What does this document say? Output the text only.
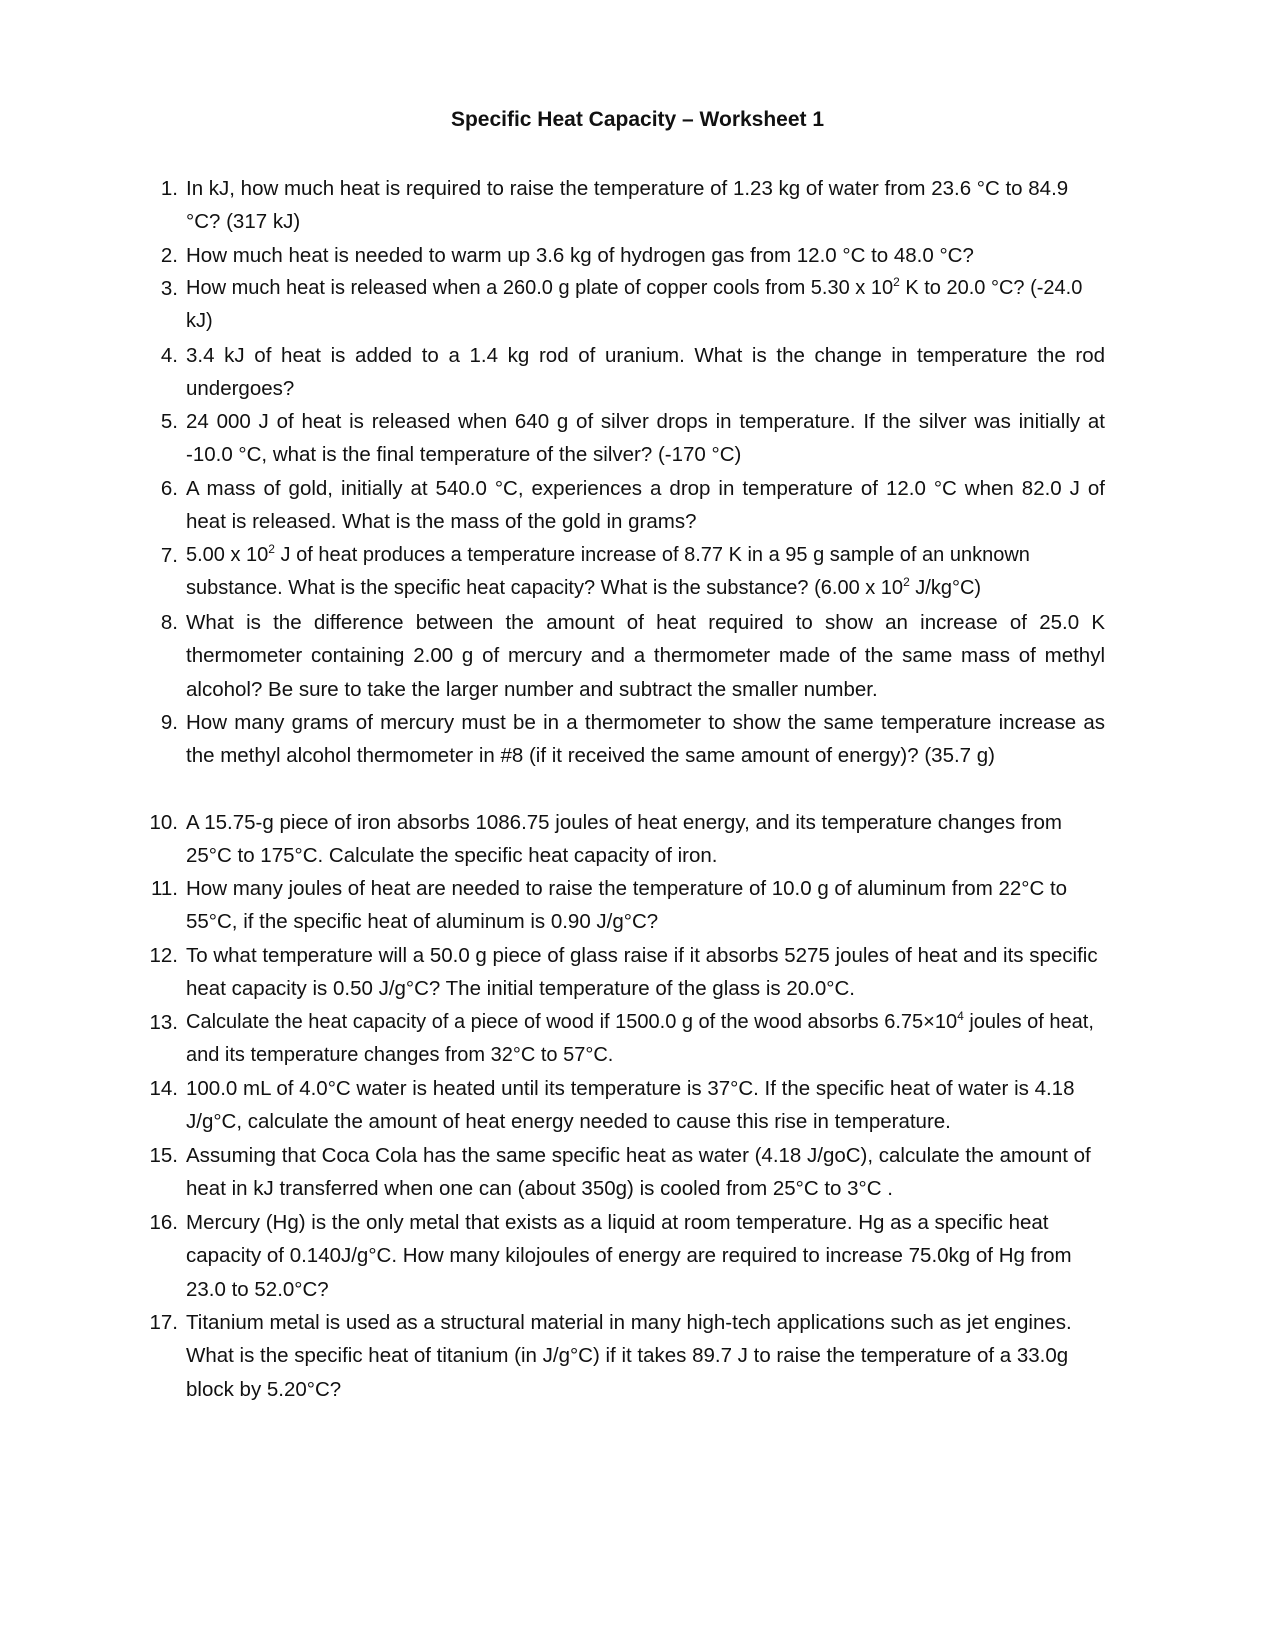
Specific Heat Capacity – Worksheet 1
1. In kJ, how much heat is required to raise the temperature of 1.23 kg of water from 23.6 °C to 84.9 °C? (317 kJ)
2. How much heat is needed to warm up 3.6 kg of hydrogen gas from 12.0 °C to 48.0 °C?
3. How much heat is released when a 260.0 g plate of copper cools from 5.30 x $10^2$ K to 20.0 °C? (-24.0 kJ)
4. 3.4 kJ of heat is added to a 1.4 kg rod of uranium. What is the change in temperature the rod undergoes?
5. 24 000 J of heat is released when 640 g of silver drops in temperature. If the silver was initially at -10.0 °C, what is the final temperature of the silver? (-170 °C)
6. A mass of gold, initially at 540.0 °C, experiences a drop in temperature of 12.0 °C when 82.0 J of heat is released. What is the mass of the gold in grams?
7. 5.00 x $10^2$ J of heat produces a temperature increase of 8.77 K in a 95 g sample of an unknown substance. What is the specific heat capacity? What is the substance? (6.00 x $10^2$ J/kg°C)
8. What is the difference between the amount of heat required to show an increase of 25.0 K thermometer containing 2.00 g of mercury and a thermometer made of the same mass of methyl alcohol? Be sure to take the larger number and subtract the smaller number.
9. How many grams of mercury must be in a thermometer to show the same temperature increase as the methyl alcohol thermometer in #8 (if it received the same amount of energy)? (35.7 g)
10. A 15.75-g piece of iron absorbs 1086.75 joules of heat energy, and its temperature changes from 25°C to 175°C. Calculate the specific heat capacity of iron.
11. How many joules of heat are needed to raise the temperature of 10.0 g of aluminum from 22°C to 55°C, if the specific heat of aluminum is 0.90 J/g°C?
12. To what temperature will a 50.0 g piece of glass raise if it absorbs 5275 joules of heat and its specific heat capacity is 0.50 J/g°C? The initial temperature of the glass is 20.0°C.
13. Calculate the heat capacity of a piece of wood if 1500.0 g of the wood absorbs $6.75\times 10^4$ joules of heat, and its temperature changes from 32°C to 57°C.
14. 100.0 mL of 4.0°C water is heated until its temperature is 37°C. If the specific heat of water is 4.18 J/g°C, calculate the amount of heat energy needed to cause this rise in temperature.
15. Assuming that Coca Cola has the same specific heat as water (4.18 J/goC), calculate the amount of heat in kJ transferred when one can (about 350g) is cooled from 25°C to 3°C .
16. Mercury (Hg) is the only metal that exists as a liquid at room temperature. Hg as a specific heat capacity of 0.140J/g°C. How many kilojoules of energy are required to increase 75.0kg of Hg from 23.0 to 52.0°C?
17. Titanium metal is used as a structural material in many high-tech applications such as jet engines. What is the specific heat of titanium (in J/g°C) if it takes 89.7 J to raise the temperature of a 33.0g block by 5.20°C?
